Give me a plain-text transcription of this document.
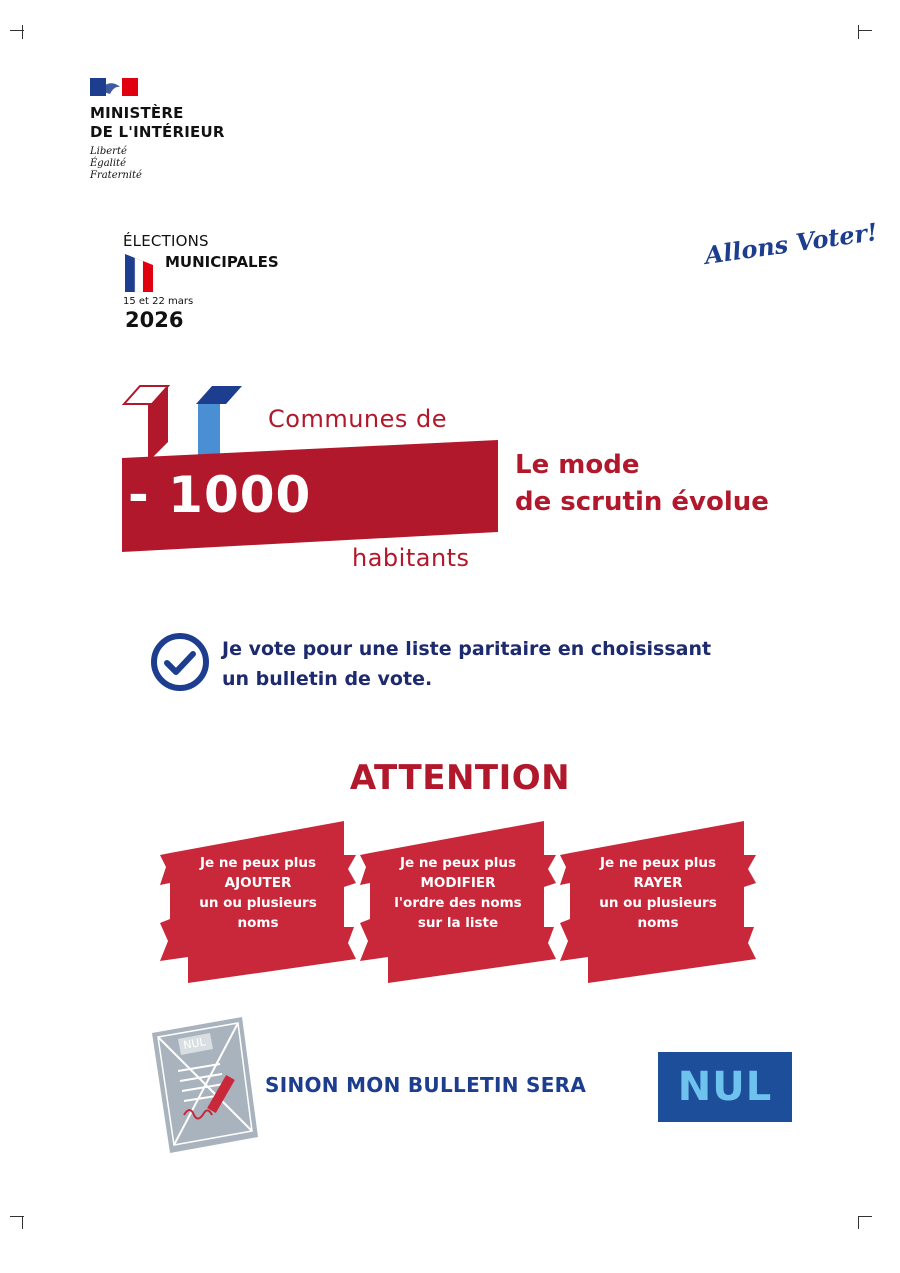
MINISTÈRE
DE L'INTÉRIEUR
Liberté
Égalité
Fraternité
ÉLECTIONS
MUNICIPALES
15 et 22 mars
2026
Allons Voter!
Communes de
- 1000
habitants
Le mode
de scrutin évolue
Je vote pour une liste paritaire en choisissant
un bulletin de vote.
ATTENTION
Je ne peux plus
AJOUTER
un ou plusieurs
noms
Je ne peux plus
MODIFIER
l'ordre des noms
sur la liste
Je ne peux plus
RAYER
un ou plusieurs
noms
NUL
SINON MON BULLETIN SERA	NUL
